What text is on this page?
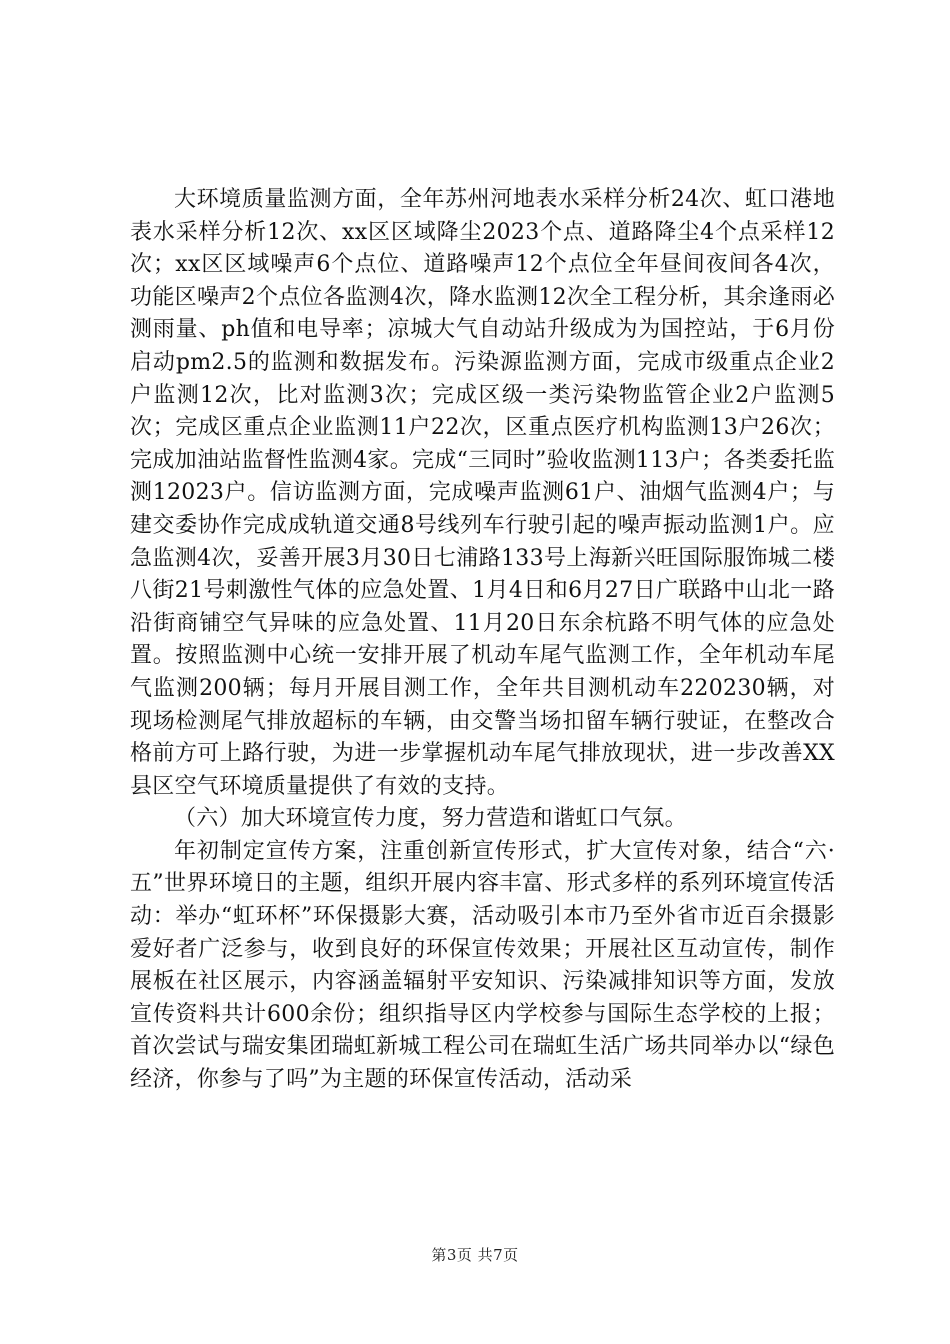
大环境质量监测方面，全年苏州河地表水采样分析24次、虹口港地表水采样分析12次、xx区区域降尘2023个点、道路降尘4个点采样12次；xx区区域噪声6个点位、道路噪声12个点位全年昼间夜间各4次，功能区噪声2个点位各监测4次，降水监测12次全工程分析，其余逢雨必测雨量、ph值和电导率；凉城大气自动站升级成为为国控站，于6月份启动pm2.5的监测和数据发布。污染源监测方面，完成市级重点企业2户监测12次，比对监测3次；完成区级一类污染物监管企业2户监测5次；完成区重点企业监测11户22次，区重点医疗机构监测13户26次；完成加油站监督性监测4家。完成“三同时”验收监测113户；各类委托监测12023户。信访监测方面，完成噪声监测61户、油烟气监测4户；与建交委协作完成成轨道交通8号线列车行驶引起的噪声振动监测1户。应急监测4次，妥善开展3月30日七浦路133号上海新兴旺国际服饰城二楼八街21号刺激性气体的应急处置、1月4日和6月27日广联路中山北一路沿街商铺空气异味的应急处置、11月20日东余杭路不明气体的应急处置。按照监测中心统一安排开展了机动车尾气监测工作，全年机动车尾气监测200辆；每月开展目测工作，全年共目测机动车220230辆，对现场检测尾气排放超标的车辆，由交警当场扣留车辆行驶证，在整改合格前方可上路行驶，为进一步掌握机动车尾气排放现状，进一步改善XX县区空气环境质量提供了有效的支持。

（六）加大环境宣传力度，努力营造和谐虹口气氛。

年初制定宣传方案，注重创新宣传形式，扩大宣传对象，结合“六·五”世界环境日的主题，组织开展内容丰富、形式多样的系列环境宣传活动：举办“虹环杯”环保摄影大赛，活动吸引本市乃至外省市近百余摄影爱好者广泛参与，收到良好的环保宣传效果；开展社区互动宣传，制作展板在社区展示，内容涵盖辐射平安知识、污染减排知识等方面，发放宣传资料共计600余份；组织指导区内学校参与国际生态学校的上报；首次尝试与瑞安集团瑞虹新城工程公司在瑞虹生活广场共同举办以“绿色经济，你参与了吗”为主题的环保宣传活动，活动采

第3页 共7页
